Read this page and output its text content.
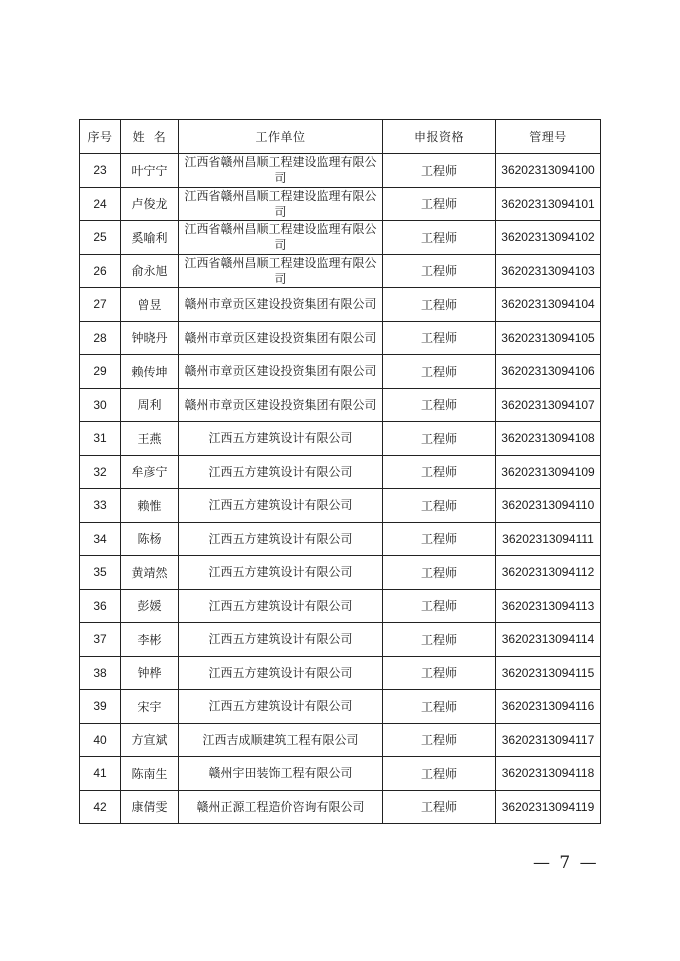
序号	姓  名	工作单位	申报资格	管理号
23	叶宁宁	江西省赣州昌顺工程建设监理有限公司	工程师	36202313094100
24	卢俊龙	江西省赣州昌顺工程建设监理有限公司	工程师	36202313094101
25	奚喻利	江西省赣州昌顺工程建设监理有限公司	工程师	36202313094102
26	俞永旭	江西省赣州昌顺工程建设监理有限公司	工程师	36202313094103
27	曾昱	赣州市章贡区建设投资集团有限公司	工程师	36202313094104
28	钟晓丹	赣州市章贡区建设投资集团有限公司	工程师	36202313094105
29	赖传坤	赣州市章贡区建设投资集团有限公司	工程师	36202313094106
30	周利	赣州市章贡区建设投资集团有限公司	工程师	36202313094107
31	王燕	江西五方建筑设计有限公司	工程师	36202313094108
32	牟彦宁	江西五方建筑设计有限公司	工程师	36202313094109
33	赖惟	江西五方建筑设计有限公司	工程师	36202313094110
34	陈杨	江西五方建筑设计有限公司	工程师	36202313094111
35	黄靖然	江西五方建筑设计有限公司	工程师	36202313094112
36	彭媛	江西五方建筑设计有限公司	工程师	36202313094113
37	李彬	江西五方建筑设计有限公司	工程师	36202313094114
38	钟桦	江西五方建筑设计有限公司	工程师	36202313094115
39	宋宇	江西五方建筑设计有限公司	工程师	36202313094116
40	方宣斌	江西吉成顺建筑工程有限公司	工程师	36202313094117
41	陈南生	赣州宇田装饰工程有限公司	工程师	36202313094118
42	康倩雯	赣州正源工程造价咨询有限公司	工程师	36202313094119
— 7 —
